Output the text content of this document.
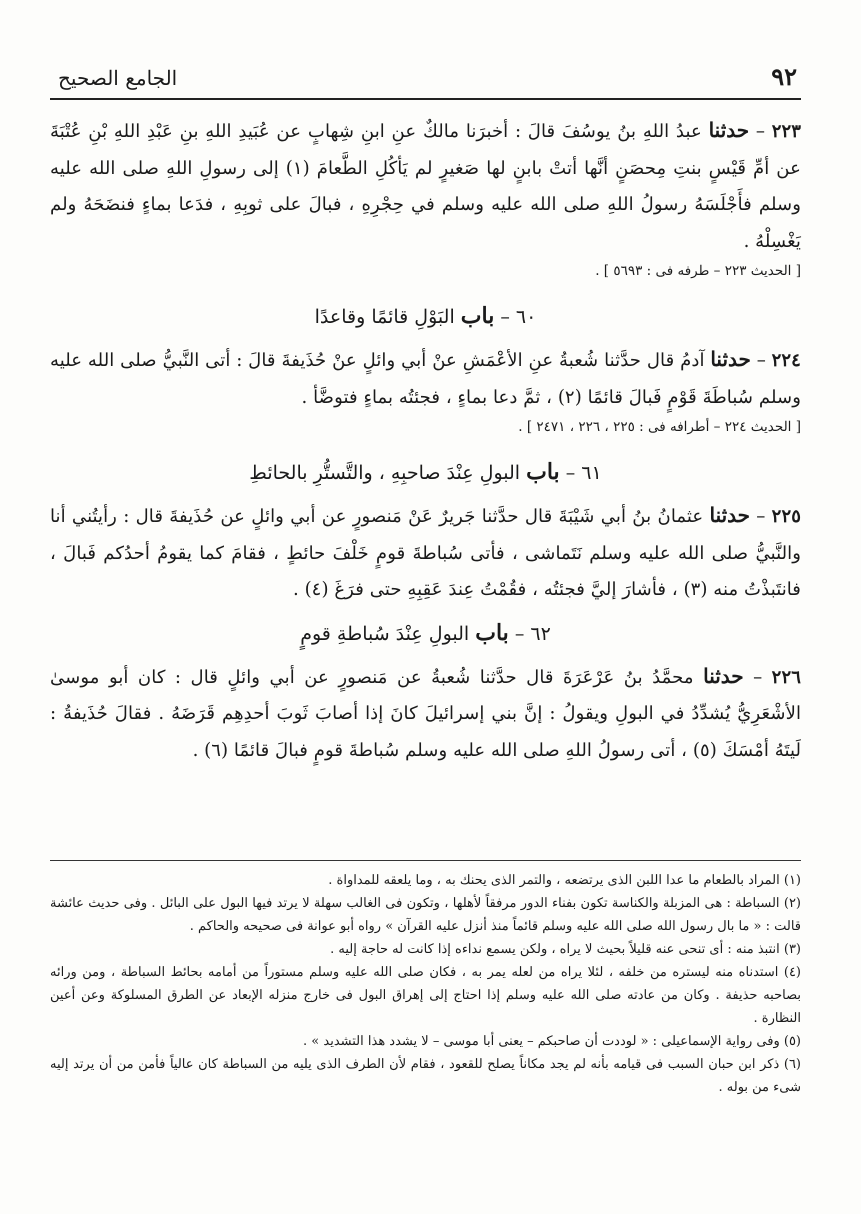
٩٢
الجامع الصحيح

٢٢٣ – حدثنا عبدُ اللهِ بنُ يوسُفَ قالَ : أخبرَنا مالكٌ عنِ ابنِ شِهابٍ عن عُبَيدِ اللهِ بنِ عَبْدِ اللهِ بْنِ عُتْبَةَ عن أمِّ قَيْسٍ بنتِ مِحصَنٍ أنَّها أتتْ بابنٍ لها صَغيرٍ لم يَأكُلِ الطَّعامَ (١) إلى رسولِ اللهِ صلى الله عليه وسلم فأَجْلَسَهُ رسولُ اللهِ صلى الله عليه وسلم في حِجْرِهِ ، فبالَ على ثوبِهِ ، فدَعا بماءٍ فنضَحَهُ ولم يَغْسِلْهُ .

[ الحديث ٢٢٣ – طرفه فى : ٥٦٩٣ ] .

٦٠ – باب البَوْلِ قائمًا وقاعدًا

٢٢٤ – حدثنا آدمُ قال حدَّثنا شُعبةُ عنِ الأعْمَشِ عنْ أبي وائلٍ عنْ حُذَيفةَ قالَ : أتى النَّبيُّ صلى الله عليه وسلم سُباطَةَ قَوْمٍ فَبالَ قائمًا (٢) ، ثمَّ دعا بماءٍ ، فجئتُه بماءٍ فتوضَّأ .

[ الحديث ٢٢٤ – أطرافه فى : ٢٢٥ ، ٢٢٦ ، ٢٤٧١ ] .

٦١ – باب البولِ عِنْدَ صاحبِهِ ، والتَّستُّرِ بالحائطِ

٢٢٥ – حدثنا عثمانُ بنُ أبي شَيْبَةَ قال حدَّثنا جَريرٌ عَنْ مَنصورٍ عن أبي وائلٍ عن حُذَيفةَ قال : رأيتُني أنا والنَّبيُّ صلى الله عليه وسلم نَتَماشى ، فأتى سُباطةَ قومٍ خَلْفَ حائطٍ ، فقامَ كما يقومُ أحدُكم فَبالَ ، فانتَبذْتُ منه (٣) ، فأشارَ إليَّ فجئتُه ، فقُمْتُ عِندَ عَقِبِهِ حتى فرَغَ (٤) .

٦٢ – باب البولِ عِنْدَ سُباطةِ قومٍ

٢٢٦ – حدثنا محمَّدُ بنُ عَرْعَرَةَ قال حدَّثنا شُعبةُ عن مَنصورٍ عن أبي وائلٍ قال : كان أبو موسىٰ الأشْعَرِيُّ يُشدِّدُ في البولِ ويقولُ : إنَّ بني إسرائيلَ كانَ إذا أصابَ ثَوبَ أحدِهِم قَرَضَهُ . فقالَ حُذَيفةُ : لَيتَهُ أمْسَكَ (٥) ، أتى رسولُ اللهِ صلى الله عليه وسلم سُباطةَ قومٍ فبالَ قائمًا (٦) .

(١) المراد بالطعام ما عدا اللبن الذى يرتضعه ، والتمر الذى يحنك به ، وما يلعقه للمداواة .

(٢) السباطة : هى المزبلة والكناسة تكون بفناء الدور مرفقاً لأهلها ، وتكون فى الغالب سهلة لا يرتد فيها البول على البائل . وفى حديث عائشة قالت : « ما بال رسول الله صلى الله عليه وسلم قائماً منذ أنزل عليه القرآن » رواه أبو عوانة فى صحيحه والحاكم .

(٣) انتبذ منه : أى تنحى عنه قليلاً بحيث لا يراه ، ولكن يسمع نداءه إذا كانت له حاجة إليه .

(٤) استدناه منه ليستره من خلفه ، لئلا يراه من لعله يمر به ، فكان صلى الله عليه وسلم مستوراً من أمامه بحائط السباطة ، ومن ورائه بصاحبه حذيفة . وكان من عادته صلى الله عليه وسلم إذا احتاج إلى إهراق البول فى خارج منزله الإبعاد عن الطرق المسلوكة وعن أعين النظارة .

(٥) وفى رواية الإسماعيلى : « لوددت أن صاحبكم – يعنى أبا موسى – لا يشدد هذا التشديد » .

(٦) ذكر ابن حبان السبب فى قيامه بأنه لم يجد مكاناً يصلح للقعود ، فقام لأن الطرف الذى يليه من السباطة كان عالياً فأمن من أن يرتد إليه شىء من بوله .
